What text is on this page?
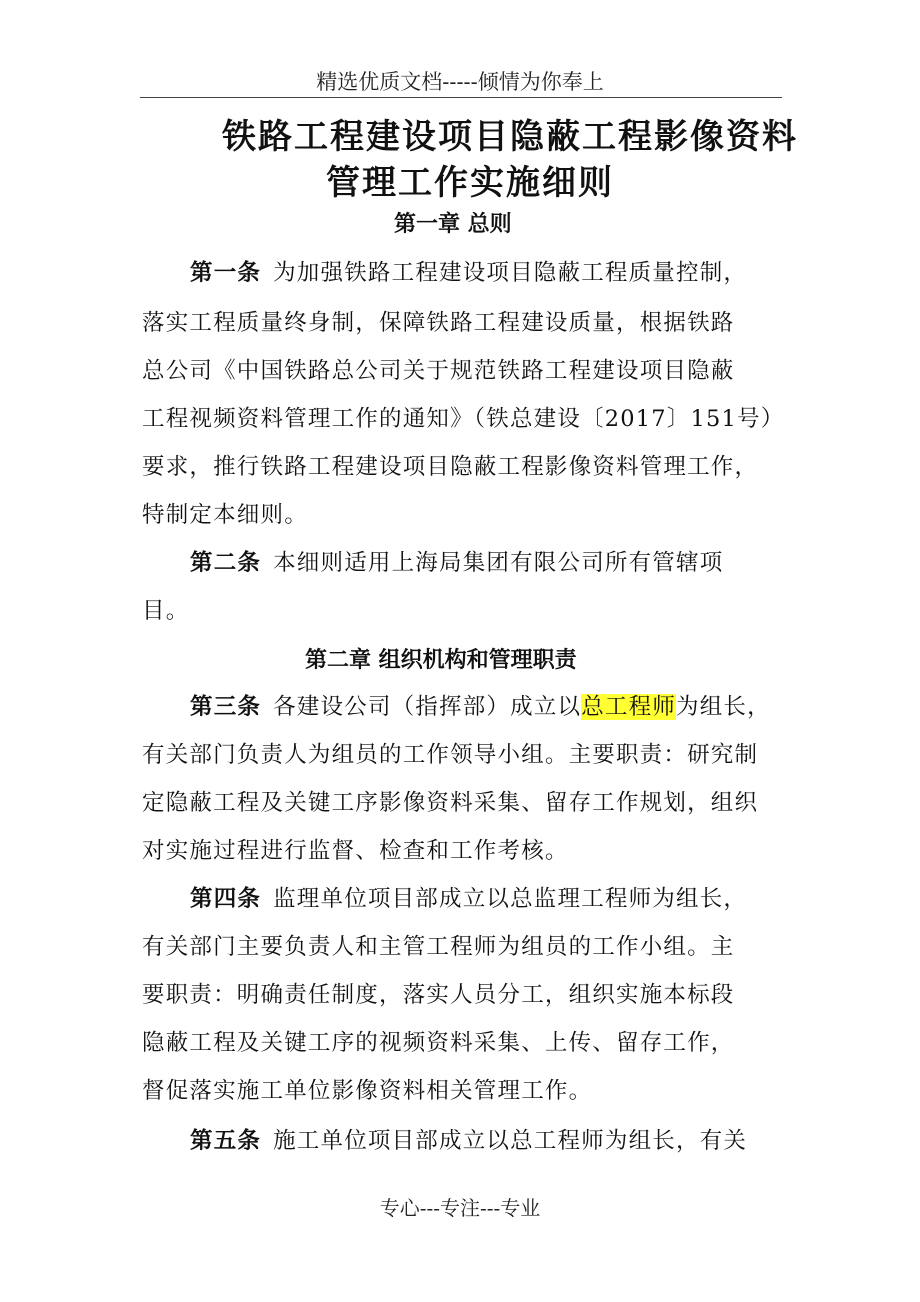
精选优质文档-----倾情为你奉上
铁路工程建设项目隐蔽工程影像资料
管理工作实施细则
第一章 总则
第一条 为加强铁路工程建设项目隐蔽工程质量控制，
落实工程质量终身制，保障铁路工程建设质量，根据铁路
总公司《中国铁路总公司关于规范铁路工程建设项目隐蔽
工程视频资料管理工作的通知》（铁总建设〔2017〕151号）
要求，推行铁路工程建设项目隐蔽工程影像资料管理工作，
特制定本细则。
第二条 本细则适用上海局集团有限公司所有管辖项
目。
第二章 组织机构和管理职责
第三条 各建设公司（指挥部）成立以总工程师为组长，
有关部门负责人为组员的工作领导小组。主要职责：研究制
定隐蔽工程及关键工序影像资料采集、留存工作规划，组织
对实施过程进行监督、检查和工作考核。
第四条 监理单位项目部成立以总监理工程师为组长，
有关部门主要负责人和主管工程师为组员的工作小组。主
要职责：明确责任制度，落实人员分工，组织实施本标段
隐蔽工程及关键工序的视频资料采集、上传、留存工作，
督促落实施工单位影像资料相关管理工作。
第五条 施工单位项目部成立以总工程师为组长，有关
专心---专注---专业
